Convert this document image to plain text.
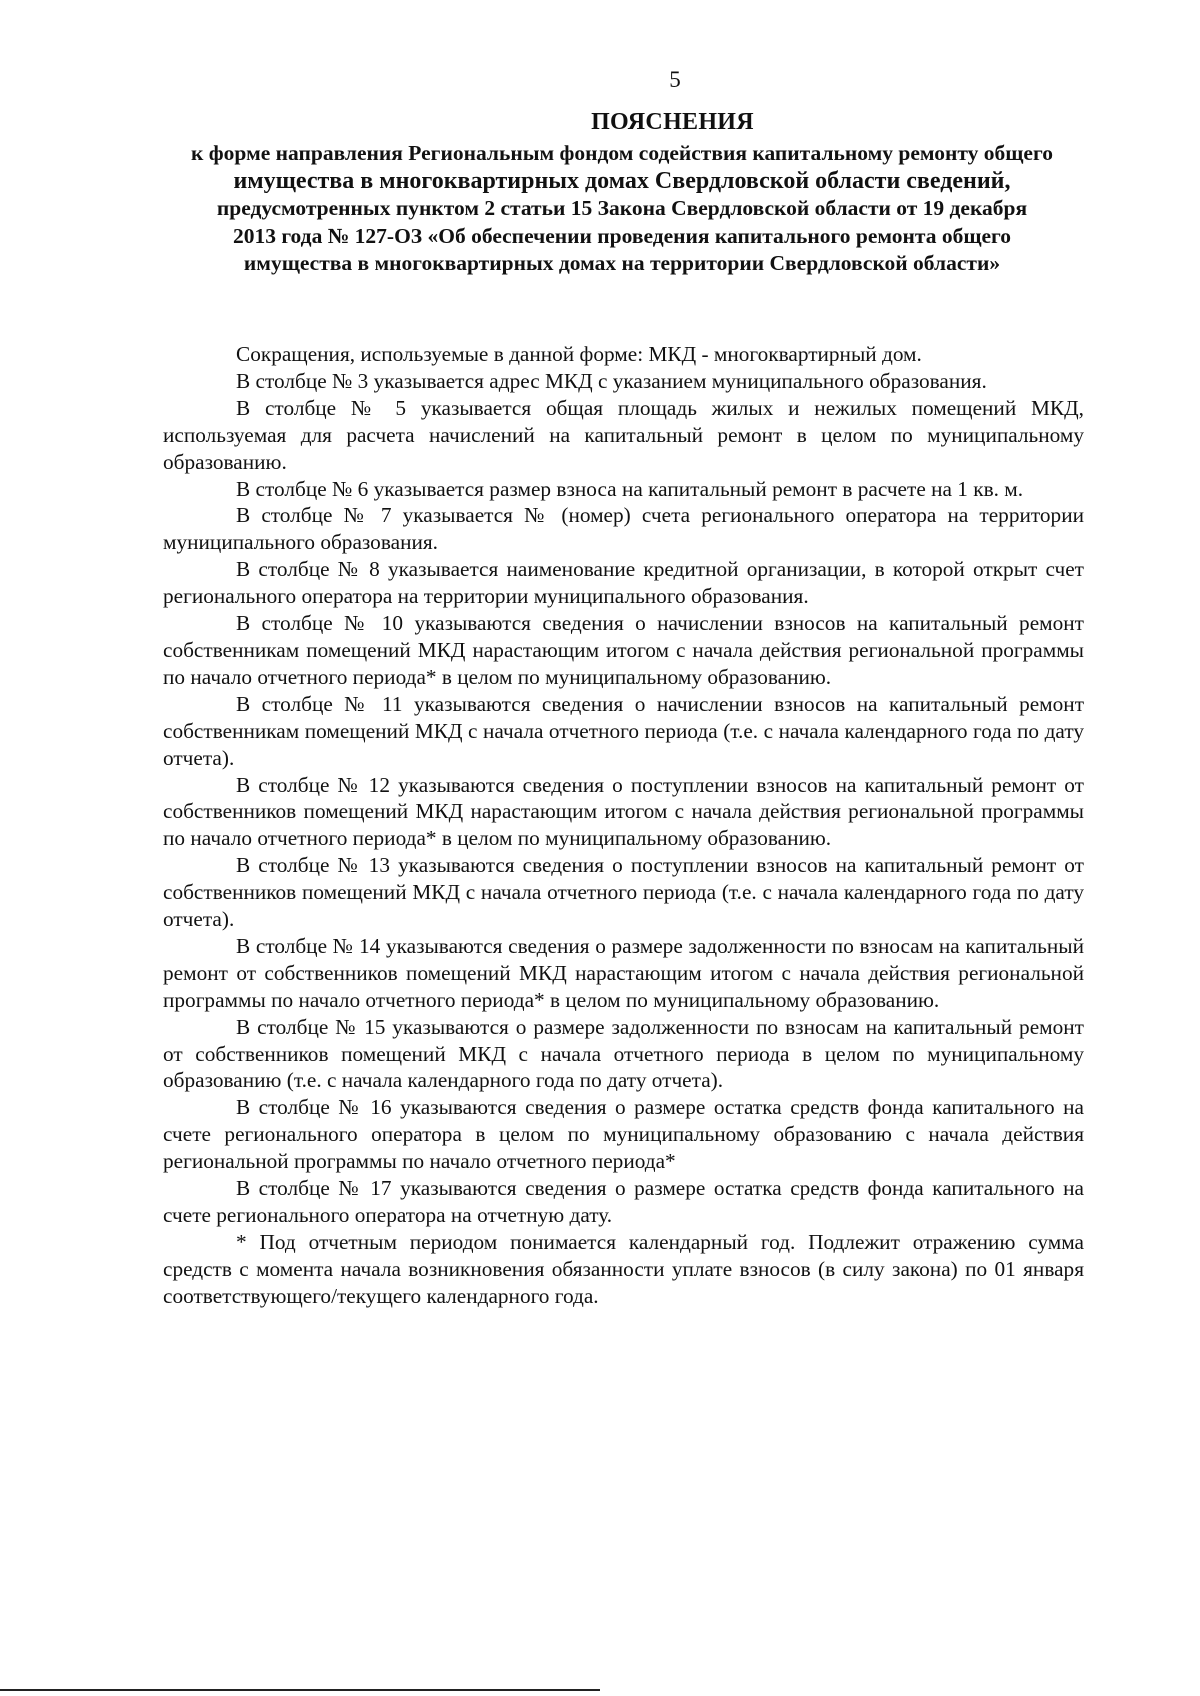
5
ПОЯСНЕНИЯ
к форме направления Региональным фондом содействия капитальному ремонту общего
имущества в многоквартирных домах Свердловской области сведений,
предусмотренных пунктом 2 статьи 15 Закона Свердловской области от 19 декабря
2013 года № 127-ОЗ «Об обеспечении проведения капитального ремонта общего
имущества в многоквартирных домах на территории Свердловской области»

Сокращения, используемые в данной форме: МКД - многоквартирный дом.

В столбце № 3 указывается адрес МКД с указанием муниципального образования.

В столбце № 5 указывается общая площадь жилых и нежилых помещений МКД, используемая для расчета начислений на капитальный ремонт в целом по муниципальному образованию.

В столбце № 6 указывается размер взноса на капитальный ремонт в расчете на 1 кв. м.

В столбце № 7 указывается № (номер) счета регионального оператора на территории муниципального образования.

В столбце № 8 указывается наименование кредитной организации, в которой открыт счет регионального оператора на территории муниципального образования.

В столбце № 10 указываются сведения о начислении взносов на капитальный ремонт собственникам помещений МКД нарастающим итогом с начала действия региональной программы по начало отчетного периода* в целом по муниципальному образованию.

В столбце № 11 указываются сведения о начислении взносов на капитальный ремонт собственникам помещений МКД с начала отчетного периода (т.е. с начала календарного года по дату отчета).

В столбце № 12 указываются сведения о поступлении взносов на капитальный ремонт от собственников помещений МКД нарастающим итогом с начала действия региональной программы по начало отчетного периода* в целом по муниципальному образованию.

В столбце № 13 указываются сведения о поступлении взносов на капитальный ремонт от собственников помещений МКД с начала отчетного периода (т.е. с начала календарного года по дату отчета).

В столбце № 14 указываются сведения о размере задолженности по взносам на капитальный ремонт от собственников помещений МКД нарастающим итогом с начала действия региональной программы по начало отчетного периода* в целом по муниципальному образованию.

В столбце № 15 указываются о размере задолженности по взносам на капитальный ремонт от собственников помещений МКД с начала отчетного периода в целом по муниципальному образованию (т.е. с начала календарного года по дату отчета).

В столбце № 16 указываются сведения о размере остатка средств фонда капитального на счете регионального оператора в целом по муниципальному образованию с начала действия региональной программы по начало отчетного периода*

В столбце № 17 указываются сведения о размере остатка средств фонда капитального на счете регионального оператора на отчетную дату.

* Под отчетным периодом понимается календарный год. Подлежит отражению сумма средств с момента начала возникновения обязанности уплате взносов (в силу закона) по 01 января соответствующего/текущего календарного года.
